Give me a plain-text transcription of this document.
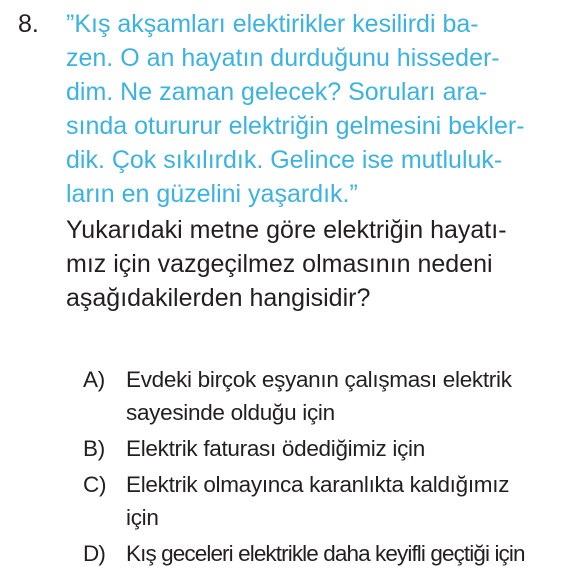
8. ”Kış akşamları elektirikler kesilirdi ba-
zen. O an hayatın durduğunu hisseder-
dim. Ne zaman gelecek? Soruları ara-
sında otururur elektriğin gelmesini bekler-
dik. Çok sıkılırdık. Gelince ise mutluluk-
ların en güzelini yaşardık.”

Yukarıdaki metne göre elektriğin hayatı-
mız için vazgeçilmez olmasının nedeni
aşağıdakilerden hangisidir?

A) Evdeki birçok eşyanın çalışması elektrik
sayesinde olduğu için
B) Elektrik faturası ödediğimiz için
C) Elektrik olmayınca karanlıkta kaldığımız
için
D) Kış geceleri elektrikle daha keyifli geçtiği için
